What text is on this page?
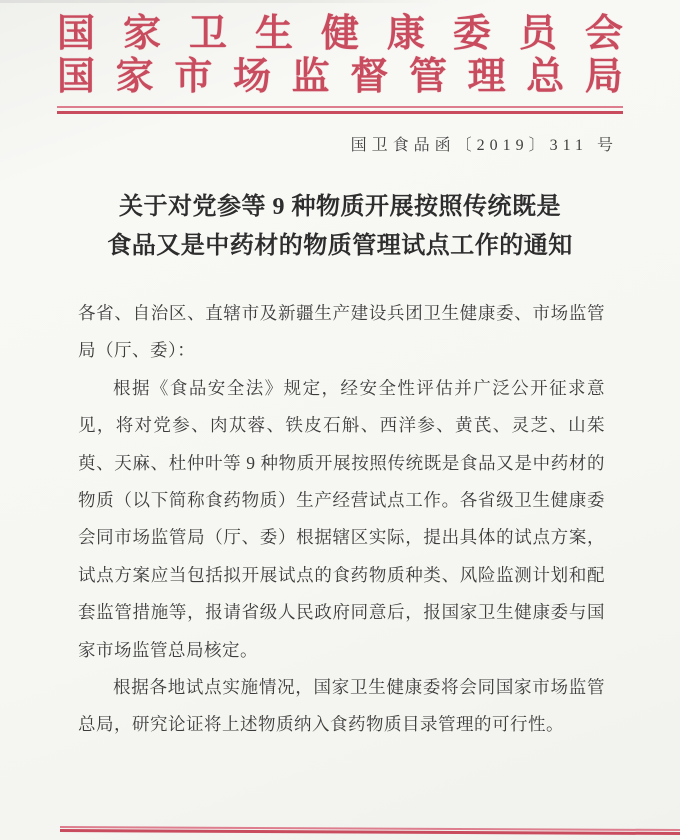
国 家 卫 生 健 康 委 员 会
国 家 市 场 监 督 管 理 总 局
国卫食品函〔2019〕311 号
关于对党参等 9 种物质开展按照传统既是
食品又是中药材的物质管理试点工作的通知

各省、自治区、直辖市及新疆生产建设兵团卫生健康委、市场监管局（厅、委）：

根据《食品安全法》规定，经安全性评估并广泛公开征求意见，将对党参、肉苁蓉、铁皮石斛、西洋参、黄芪、灵芝、山茱萸、天麻、杜仲叶等 9 种物质开展按照传统既是食品又是中药材的物质（以下简称食药物质）生产经营试点工作。各省级卫生健康委会同市场监管局（厅、委）根据辖区实际，提出具体的试点方案，试点方案应当包括拟开展试点的食药物质种类、风险监测计划和配套监管措施等，报请省级人民政府同意后，报国家卫生健康委与国家市场监管总局核定。

根据各地试点实施情况，国家卫生健康委将会同国家市场监管总局，研究论证将上述物质纳入食药物质目录管理的可行性。
